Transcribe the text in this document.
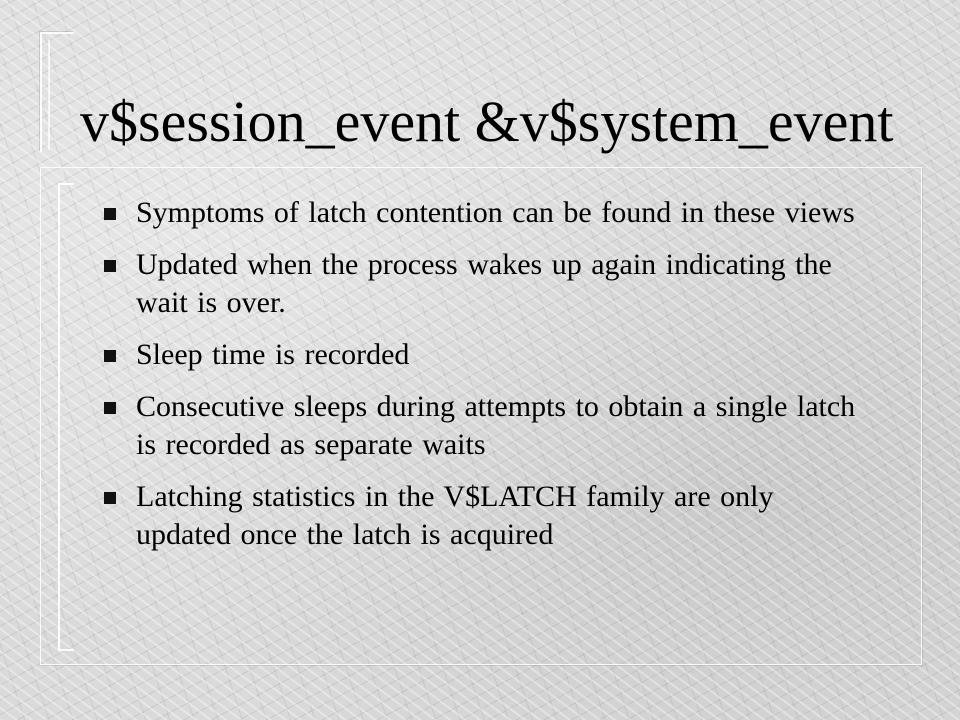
v$session_event &v$system_event
Symptoms of latch contention can be found in these views
Updated when the process wakes up again indicating the wait is over.
Sleep time is recorded
Consecutive sleeps during attempts to obtain a single latch is recorded as separate waits
Latching statistics in the V$LATCH family are only updated once the latch is acquired
